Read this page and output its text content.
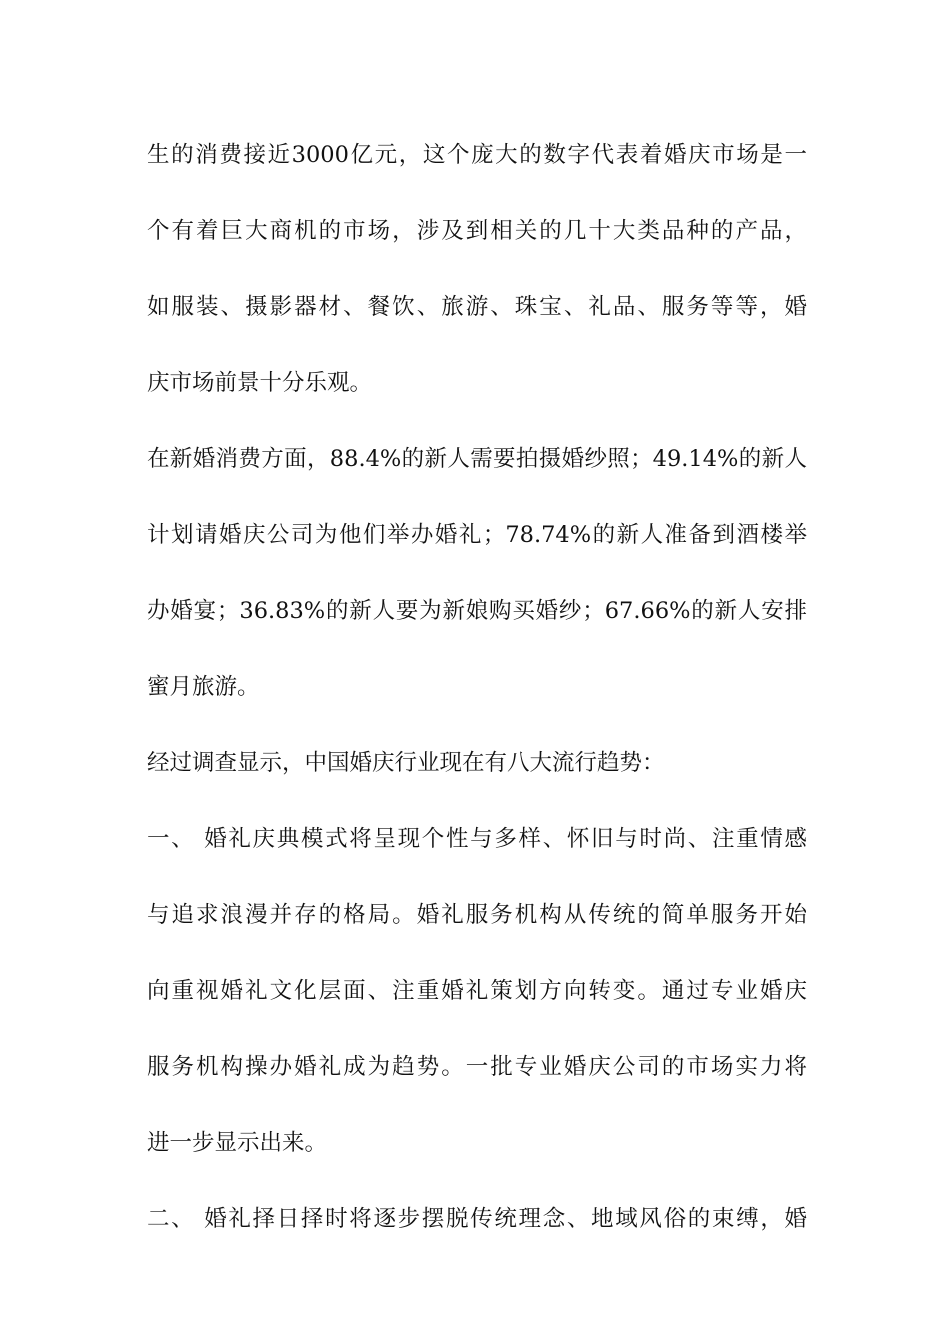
生的消费接近3000亿元，这个庞大的数字代表着婚庆市场是一
个有着巨大商机的市场，涉及到相关的几十大类品种的产品，
如服装、摄影器材、餐饮、旅游、珠宝、礼品、服务等等，婚
庆市场前景十分乐观。
在新婚消费方面，88.4%的新人需要拍摄婚纱照；49.14%的新人
计划请婚庆公司为他们举办婚礼；78.74%的新人准备到酒楼举
办婚宴；36.83%的新人要为新娘购买婚纱；67.66%的新人安排
蜜月旅游。
经过调查显示，中国婚庆行业现在有八大流行趋势：
一、 婚礼庆典模式将呈现个性与多样、怀旧与时尚、注重情感
与追求浪漫并存的格局。婚礼服务机构从传统的简单服务开始
向重视婚礼文化层面、注重婚礼策划方向转变。通过专业婚庆
服务机构操办婚礼成为趋势。一批专业婚庆公司的市场实力将
进一步显示出来。
二、 婚礼择日择时将逐步摆脱传统理念、地域风俗的束缚，婚
